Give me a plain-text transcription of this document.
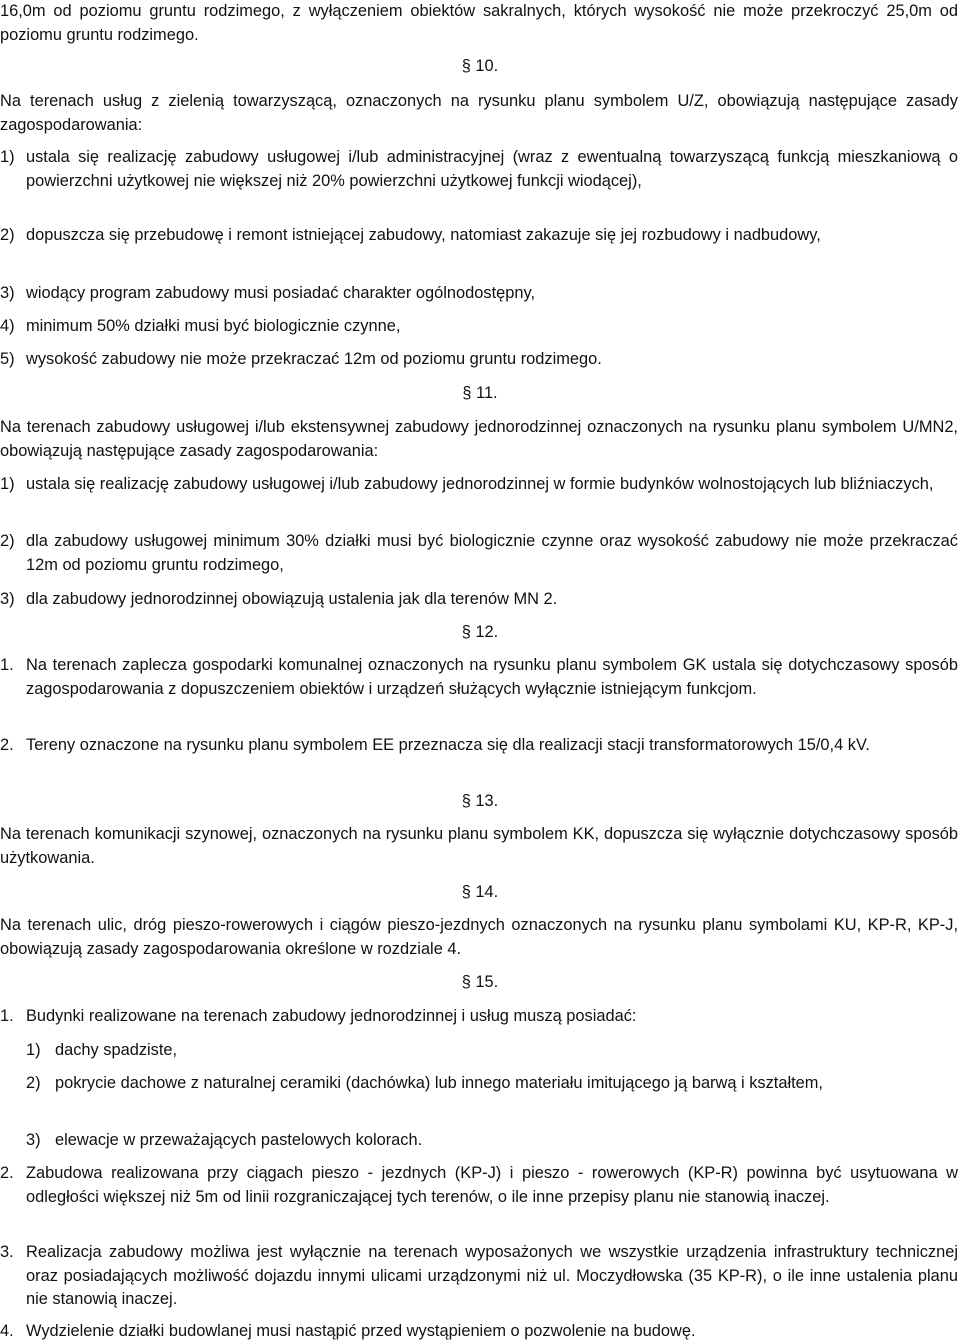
16,0m od poziomu gruntu rodzimego, z wyłączeniem obiektów sakralnych, których wysokość nie może przekroczyć 25,0m od poziomu gruntu rodzimego.

§ 10.

Na terenach usług z zielenią towarzyszącą, oznaczonych na rysunku planu symbolem U/Z, obowiązują następujące zasady zagospodarowania:

1) ustala się realizację zabudowy usługowej i/lub administracyjnej (wraz z ewentualną towarzyszącą funkcją mieszkaniową o powierzchni użytkowej nie większej niż 20% powierzchni użytkowej funkcji wiodącej),
2) dopuszcza się przebudowę i remont istniejącej zabudowy, natomiast zakazuje się jej rozbudowy i nadbudowy,
3) wiodący program zabudowy musi posiadać charakter ogólnodostępny,
4) minimum 50% działki musi być biologicznie czynne,
5) wysokość zabudowy nie może przekraczać 12m od poziomu gruntu rodzimego.
§ 11.

Na terenach zabudowy usługowej i/lub ekstensywnej zabudowy jednorodzinnej oznaczonych na rysunku planu symbolem U/MN2, obowiązują następujące zasady zagospodarowania:

1) ustala się realizację zabudowy usługowej i/lub zabudowy jednorodzinnej w formie budynków wolnostojących lub bliźniaczych,
2) dla zabudowy usługowej minimum 30% działki musi być biologicznie czynne oraz wysokość zabudowy nie może przekraczać 12m od poziomu gruntu rodzimego,
3) dla zabudowy jednorodzinnej obowiązują ustalenia jak dla terenów MN 2.
§ 12.
1. Na terenach zaplecza gospodarki komunalnej oznaczonych na rysunku planu symbolem GK ustala się dotychczasowy sposób zagospodarowania z dopuszczeniem obiektów i urządzeń służących wyłącznie istniejącym funkcjom.
2. Tereny oznaczone na rysunku planu symbolem EE przeznacza się dla realizacji stacji transformatorowych 15/0,4 kV.
§ 13.

Na terenach komunikacji szynowej, oznaczonych na rysunku planu symbolem KK, dopuszcza się wyłącznie dotychczasowy sposób użytkowania.

§ 14.

Na terenach ulic, dróg pieszo-rowerowych i ciągów pieszo-jezdnych oznaczonych na rysunku planu symbolami KU, KP-R, KP-J, obowiązują zasady zagospodarowania określone w rozdziale 4.

§ 15.
1. Budynki realizowane na terenach zabudowy jednorodzinnej i usług muszą posiadać:
1) dachy spadziste,
2) pokrycie dachowe z naturalnej ceramiki (dachówka) lub innego materiału imitującego ją barwą i kształtem,
3) elewacje w przeważających pastelowych kolorach.
2. Zabudowa realizowana przy ciągach pieszo - jezdnych (KP-J) i pieszo - rowerowych (KP-R) powinna być usytuowana w odległości większej niż 5m od linii rozgraniczającej tych terenów, o ile inne przepisy planu nie stanowią inaczej.
3. Realizacja zabudowy możliwa jest wyłącznie na terenach wyposażonych we wszystkie urządzenia infrastruktury technicznej oraz posiadających możliwość dojazdu innymi ulicami urządzonymi niż ul. Moczydłowska (35 KP-R), o ile inne ustalenia planu nie stanowią inaczej.
4. Wydzielenie działki budowlanej musi nastąpić przed wystąpieniem o pozwolenie na budowę.
